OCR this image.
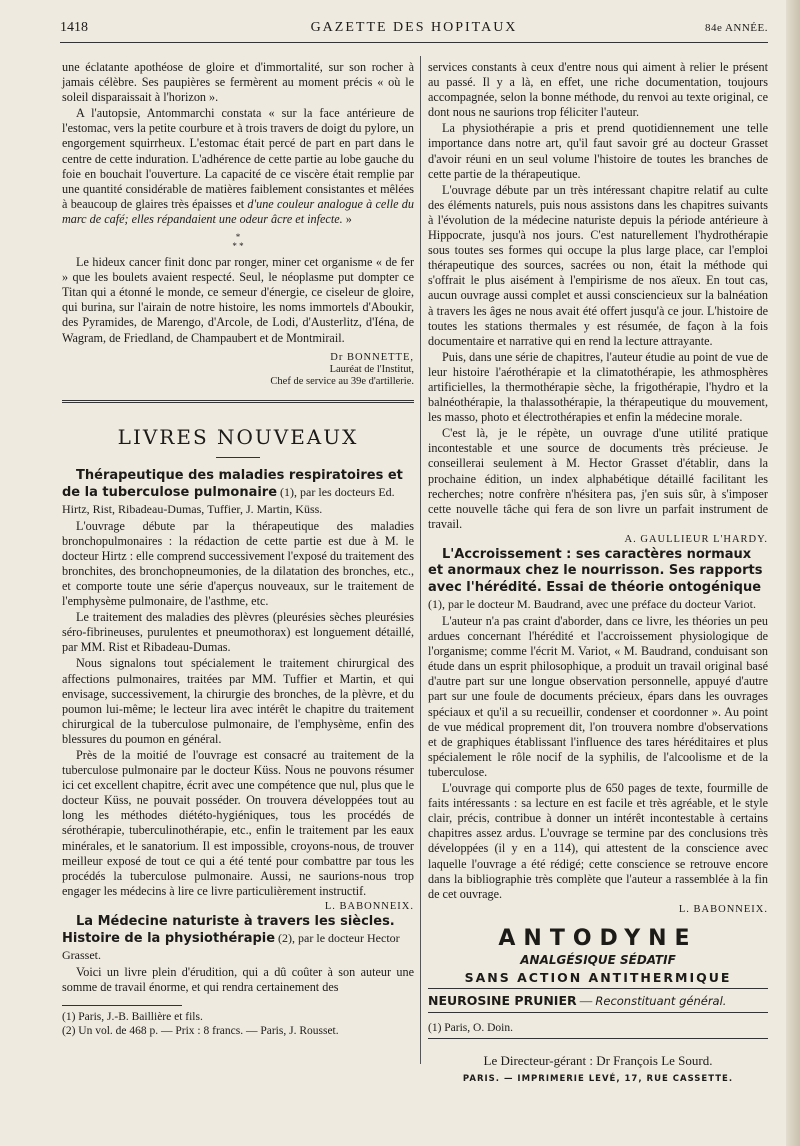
1418	GAZETTE DES HOPITAUX	84e ANNÉE.

une éclatante apothéose de gloire et d'immortalité, sur son rocher à jamais célèbre. Ses paupières se fermèrent au moment précis « où le soleil disparaissait à l'horizon ».

A l'autopsie, Antommarchi constata « sur la face antérieure de l'estomac, vers la petite courbure et à trois travers de doigt du pylore, un engorgement squirrheux. L'estomac était percé de part en part dans le centre de cette induration. L'adhérence de cette partie au lobe gauche du foie en bouchait l'ouverture. La capacité de ce viscère était remplie par une quantité considérable de matières faiblement consistantes et mêlées à beaucoup de glaires très épaisses et d'une couleur analogue à celle du marc de café; elles répandaient une odeur âcre et infecte. »

*
* *

Le hideux cancer finit donc par ronger, miner cet organisme « de fer » que les boulets avaient respecté. Seul, le néoplasme put dompter ce Titan qui a étonné le monde, ce semeur d'énergie, ce ciseleur de gloire, qui burina, sur l'airain de notre histoire, les noms immortels d'Aboukir, des Pyramides, de Marengo, d'Arcole, de Lodi, d'Austerlitz, d'Iéna, de Wagram, de Friedland, de Champaubert et de Montmirail.

Dr BONNETTE,
Lauréat de l'Institut,
Chef de service au 39e d'artillerie.
LIVRES NOUVEAUX

Thérapeutique des maladies respiratoires et de la tuberculose pulmonaire (1), par les docteurs Ed. Hirtz, Rist, Ribadeau-Dumas, Tuffier, J. Martin, Küss.

L'ouvrage débute par la thérapeutique des maladies bronchopulmonaires : la rédaction de cette partie est due à M. le docteur Hirtz : elle comprend successivement l'exposé du traitement des bronchites, des bronchopneumonies, de la dilatation des bronches, etc., et comporte toute une série d'aperçus nouveaux, sur le traitement de l'emphysème pulmonaire, de l'asthme, etc.

Le traitement des maladies des plèvres (pleurésies sèches pleurésies séro-fibrineuses, purulentes et pneumothorax) est longuement détaillé, par MM. Rist et Ribadeau-Dumas.

Nous signalons tout spécialement le traitement chirurgical des affections pulmonaires, traitées par MM. Tuffier et Martin, et qui envisage, successivement, la chirurgie des bronches, de la plèvre, et du poumon lui-même; le lecteur lira avec intérêt le chapitre du traitement chirurgical de la tuberculose pulmonaire, de l'emphysème, enfin des blessures du poumon en général.

Près de la moitié de l'ouvrage est consacré au traitement de la tuberculose pulmonaire par le docteur Küss. Nous ne pouvons résumer ici cet excellent chapitre, écrit avec une compétence que nul, plus que le docteur Küss, ne pouvait posséder. On trouvera développées tout au long les méthodes diététo-hygiéniques, tous les procédés de sérothérapie, tuberculinothérapie, etc., enfin le traitement par les eaux minérales, et le sanatorium. Il est impossible, croyons-nous, de trouver meilleur exposé de tout ce qui a été tenté pour combattre par tous les procédés la tuberculose pulmonaire. Aussi, ne saurions-nous trop engager les médecins à lire ce livre particulièrement instructif.

L. BABONNEIX.

La Médecine naturiste à travers les siècles. Histoire de la physiothérapie (2), par le docteur Hector Grasset.

Voici un livre plein d'érudition, qui a dû coûter à son auteur une somme de travail énorme, et qui rendra certainement des

(1) Paris, J.-B. Baillière et fils.
(2) Un vol. de 468 p. — Prix : 8 francs. — Paris, J. Rousset.

services constants à ceux d'entre nous qui aiment à relier le présent au passé. Il y a là, en effet, une riche documentation, toujours accompagnée, selon la bonne méthode, du renvoi au texte original, ce dont nous ne saurions trop féliciter l'auteur.

La physiothérapie a pris et prend quotidiennement une telle importance dans notre art, qu'il faut savoir gré au docteur Grasset d'avoir réuni en un seul volume l'histoire de toutes les branches de cette partie de la thérapeutique.

L'ouvrage débute par un très intéressant chapitre relatif au culte des éléments naturels, puis nous assistons dans les chapitres suivants à l'évolution de la médecine naturiste depuis la période antérieure à Hippocrate, jusqu'à nos jours. C'est naturellement l'hydrothérapie sous toutes ses formes qui occupe la plus large place, car l'emploi thérapeutique des sources, sacrées ou non, était la méthode qui s'offrait le plus aisément à l'empirisme de nos aïeux. En tout cas, aucun ouvrage aussi complet et aussi consciencieux sur la balnéation à travers les âges ne nous avait été offert jusqu'à ce jour. L'histoire de toutes les stations thermales y est résumée, de façon à la fois documentaire et narrative qui en rend la lecture attrayante.

Puis, dans une série de chapitres, l'auteur étudie au point de vue de leur histoire l'aérothérapie et la climatothérapie, les athmosphères artificielles, la thermothérapie sèche, la frigothérapie, l'hydro et la balnéothérapie, la thalassothérapie, la thérapeutique du mouvement, les masso, photo et électrothérapies et enfin la médecine morale.

C'est là, je le répète, un ouvrage d'une utilité pratique incontestable et une source de documents très précieuse. Je conseillerai seulement à M. Hector Grasset d'établir, dans la prochaine édition, un index alphabétique détaillé facilitant les recherches; notre confrère n'hésitera pas, j'en suis sûr, à s'imposer cette nouvelle tâche qui fera de son livre un parfait instrument de travail.

A. GAULLIEUR L'HARDY.

L'Accroissement : ses caractères normaux et anormaux chez le nourrisson. Ses rapports avec l'hérédité. Essai de théorie ontogénique (1), par le docteur M. Baudrand, avec une préface du docteur Variot.

L'auteur n'a pas craint d'aborder, dans ce livre, les théories un peu ardues concernant l'hérédité et l'accroissement physiologique de l'organisme; comme l'écrit M. Variot, « M. Baudrand, conduisant son étude dans un esprit philosophique, a produit un travail original basé d'autre part sur une longue observation personnelle, appuyé d'autre part sur une foule de documents précieux, épars dans les ouvrages spéciaux et qu'il a su recueillir, condenser et coordonner ». Au point de vue médical proprement dit, l'on trouvera nombre d'observations et de graphiques établissant l'influence des tares héréditaires et plus spécialement le rôle nocif de la syphilis, de l'alcoolisme et de la tuberculose.

L'ouvrage qui comporte plus de 650 pages de texte, fourmille de faits intéressants : sa lecture en est facile et très agréable, et le style clair, précis, contribue à donner un intérêt incontestable à certains chapitres assez ardus. L'ouvrage se termine par des conclusions très développées (il y en a 114), qui attestent de la conscience avec laquelle l'ouvrage a été rédigé; cette conscience se retrouve encore dans la bibliographie très complète que l'auteur a rassemblée à la fin de cet ouvrage.

L. BABONNEIX.
ANTODYNE
ANALGÉSIQUE SÉDATIF
SANS ACTION ANTITHERMIQUE
NEUROSINE PRUNIER — Reconstituant général.
(1) Paris, O. Doin.
Le Directeur-gérant : Dr François Le Sourd.
PARIS. — IMPRIMERIE LEVÉ, 17, RUE CASSETTE.
